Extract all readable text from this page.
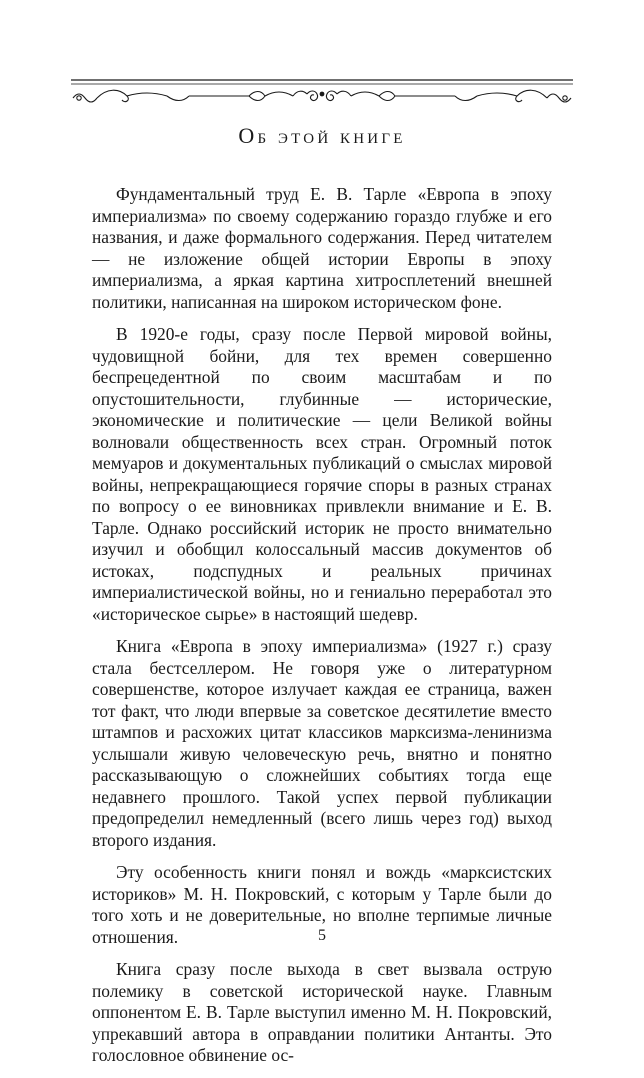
Об этой книге

Фундаментальный труд Е. В. Тарле «Европа в эпоху империализма» по своему содержанию гораздо глубже и его названия, и даже формального содержания. Перед читателем — не изложение общей истории Европы в эпоху империализма, а яркая картина хитросплетений внешней политики, написанная на широком историческом фоне.

В 1920-е годы, сразу после Первой мировой войны, чудовищной бойни, для тех времен совершенно беспрецедентной по своим масштабам и по опустошительности, глубинные — исторические, экономические и политические — цели Великой войны волновали общественность всех стран. Огромный поток мемуаров и документальных публикаций о смыслах мировой войны, непрекращающиеся горячие споры в разных странах по вопросу о ее виновниках привлекли внимание и Е. В. Тарле. Однако российский историк не просто внимательно изучил и обобщил колоссальный массив документов об истоках, подспудных и реальных причинах империалистической войны, но и гениально переработал это «историческое сырье» в настоящий шедевр.

Книга «Европа в эпоху империализма» (1927 г.) сразу стала бестселлером. Не говоря уже о литературном совершенстве, которое излучает каждая ее страница, важен тот факт, что люди впервые за советское десятилетие вместо штампов и расхожих цитат классиков марксизма-ленинизма услышали живую человеческую речь, внятно и понятно рассказывающую о сложнейших событиях тогда еще недавнего прошлого. Такой успех первой публикации предопределил немедленный (всего лишь через год) выход второго издания.

Эту особенность книги понял и вождь «марксистских историков» М. Н. Покровский, с которым у Тарле были до того хоть и не доверительные, но вполне терпимые личные отношения.

Книга сразу после выхода в свет вызвала острую полемику в советской исторической науке. Главным оппонентом Е. В. Тарле выступил именно М. Н. Покровский, упрекавший автора в оправдании политики Антанты. Это голословное обвинение ос-

5
